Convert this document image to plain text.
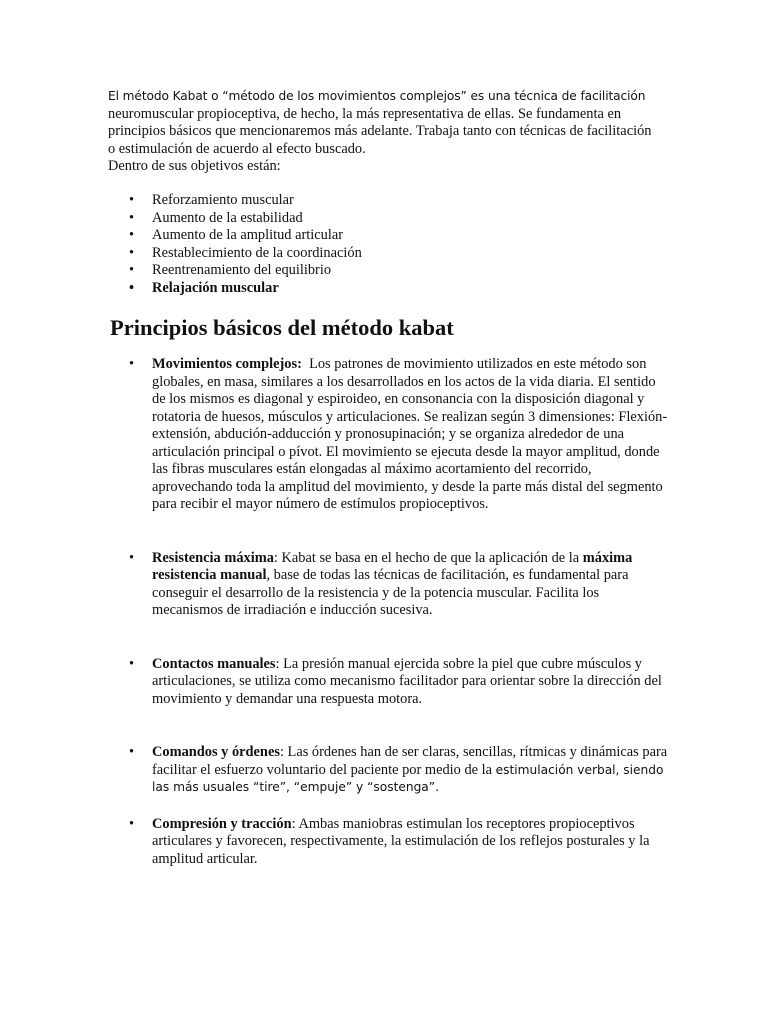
El método Kabat o “método de los movimientos complejos” es una técnica de facilitación neuromuscular propioceptiva, de hecho, la más representativa de ellas. Se fundamenta en principios básicos que mencionaremos más adelante. Trabaja tanto con técnicas de facilitación o estimulación de acuerdo al efecto buscado.

Dentro de sus objetivos están:

• Reforzamiento muscular
• Aumento de la estabilidad
• Aumento de la amplitud articular
• Restablecimiento de la coordinación
• Reentrenamiento del equilibrio
• Relajación muscular
Principios básicos del método kabat
• Movimientos complejos:  Los patrones de movimiento utilizados en este método son globales, en masa, similares a los desarrollados en los actos de la vida diaria. El sentido de los mismos es diagonal y espiroideo, en consonancia con la disposición diagonal y rotatoria de huesos, músculos y articulaciones. Se realizan según 3 dimensiones: Flexión-extensión, abdución-adducción y pronosupinación; y se organiza alrededor de una articulación principal o pívot. El movimiento se ejecuta desde la mayor amplitud, donde las fibras musculares están elongadas al máximo acortamiento del recorrido, aprovechando toda la amplitud del movimiento, y desde la parte más distal del segmento para recibir el mayor número de estímulos propioceptivos.
• Resistencia máxima: Kabat se basa en el hecho de que la aplicación de la máxima resistencia manual, base de todas las técnicas de facilitación, es fundamental para conseguir el desarrollo de la resistencia y de la potencia muscular. Facilita los mecanismos de irradiación e inducción sucesiva.
• Contactos manuales: La presión manual ejercida sobre la piel que cubre músculos y articulaciones, se utiliza como mecanismo facilitador para orientar sobre la dirección del movimiento y demandar una respuesta motora.
• Comandos y órdenes: Las órdenes han de ser claras, sencillas, rítmicas y dinámicas para facilitar el esfuerzo voluntario del paciente por medio de la estimulación verbal, siendo las más usuales “tire”, “empuje” y “sostenga”.
• Compresión y tracción: Ambas maniobras estimulan los receptores propioceptivos articulares y favorecen, respectivamente, la estimulación de los reflejos posturales y la amplitud articular.
